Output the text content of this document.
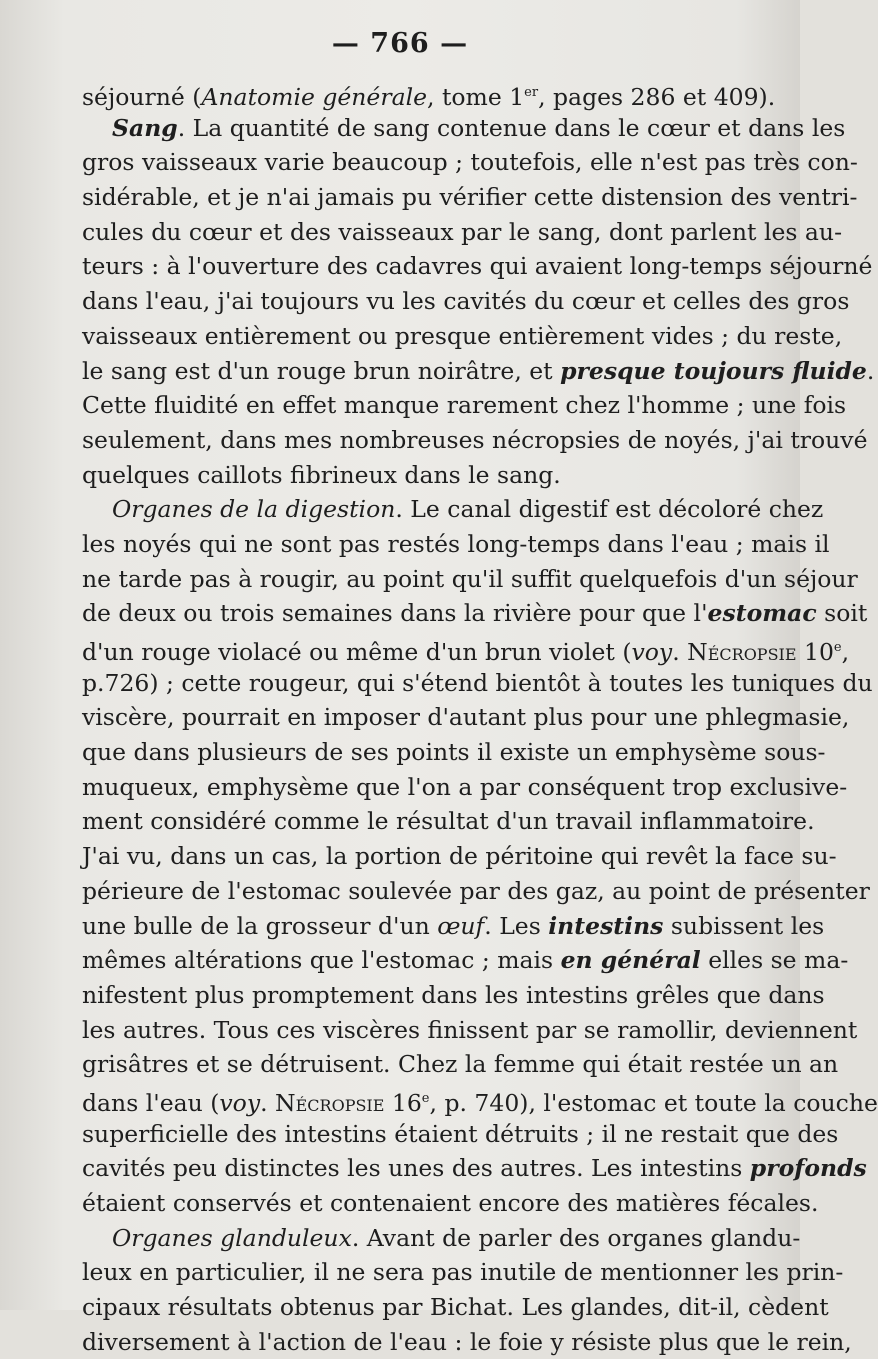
— 766 —
séjourné (Anatomie générale, tome 1er, pages 286 et 409).
Sang. La quantité de sang contenue dans le cœur et dans les
gros vaisseaux varie beaucoup ; toutefois, elle n'est pas très con-
sidérable, et je n'ai jamais pu vérifier cette distension des ventri-
cules du cœur et des vaisseaux par le sang, dont parlent les au-
teurs : à l'ouverture des cadavres qui avaient long-temps séjourné
dans l'eau, j'ai toujours vu les cavités du cœur et celles des gros
vaisseaux entièrement ou presque entièrement vides ; du reste,
le sang est d'un rouge brun noirâtre, et presque toujours fluide.
Cette fluidité en effet manque rarement chez l'homme ; une fois
seulement, dans mes nombreuses nécropsies de noyés, j'ai trouvé
quelques caillots fibrineux dans le sang.
Organes de la digestion. Le canal digestif est décoloré chez
les noyés qui ne sont pas restés long-temps dans l'eau ; mais il
ne tarde pas à rougir, au point qu'il suffit quelquefois d'un séjour
de deux ou trois semaines dans la rivière pour que l'estomac soit
d'un rouge violacé ou même d'un brun violet (voy. Nécropsie 10e,
p.726) ; cette rougeur, qui s'étend bientôt à toutes les tuniques du
viscère, pourrait en imposer d'autant plus pour une phlegmasie,
que dans plusieurs de ses points il existe un emphysème sous-
muqueux, emphysème que l'on a par conséquent trop exclusive-
ment considéré comme le résultat d'un travail inflammatoire.
J'ai vu, dans un cas, la portion de péritoine qui revêt la face su-
périeure de l'estomac soulevée par des gaz, au point de présenter
une bulle de la grosseur d'un œuf. Les intestins subissent les
mêmes altérations que l'estomac ; mais en général elles se ma-
nifestent plus promptement dans les intestins grêles que dans
les autres. Tous ces viscères finissent par se ramollir, deviennent
grisâtres et se détruisent. Chez la femme qui était restée un an
dans l'eau (voy. Nécropsie 16e, p. 740), l'estomac et toute la couche
superficielle des intestins étaient détruits ; il ne restait que des
cavités peu distinctes les unes des autres. Les intestins profonds
étaient conservés et contenaient encore des matières fécales.
Organes glanduleux. Avant de parler des organes glandu-
leux en particulier, il ne sera pas inutile de mentionner les prin-
cipaux résultats obtenus par Bichat. Les glandes, dit-il, cèdent
diversement à l'action de l'eau : le foie y résiste plus que le rein,
